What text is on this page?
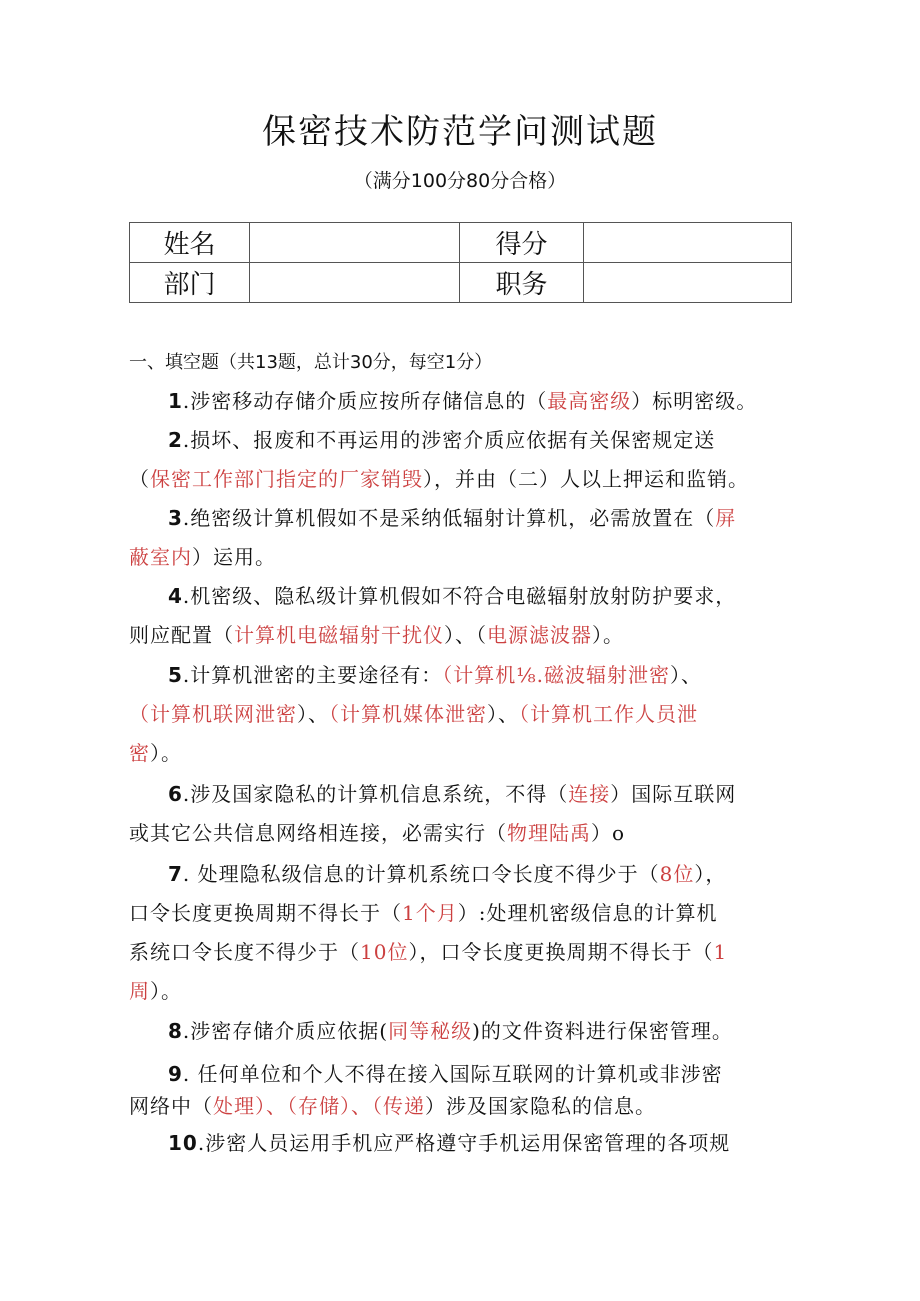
保密技术防范学问测试题
（满分100分80分合格）
姓名		得分	
部门		职务	
一、填空题（共13题，总计30分，每空1分）
1.涉密移动存储介质应按所存储信息的（最高密级）标明密级。
2.损坏、报废和不再运用的涉密介质应依据有关保密规定送
（保密工作部门指定的厂家销毁），并由（二）人以上押运和监销。
3.绝密级计算机假如不是采纳低辐射计算机，必需放置在（屏
蔽室内）运用。
4.机密级、隐私级计算机假如不符合电磁辐射放射防护要求，
则应配置（计算机电磁辐射干扰仪）、（电源滤波器）。
5.计算机泄密的主要途径有：（计算机⅛.磁波辐射泄密）、
（计算机联网泄密）、（计算机媒体泄密）、（计算机工作人员泄
密）。
6.涉及国家隐私的计算机信息系统，不得（连接）国际互联网
或其它公共信息网络相连接，必需实行（物理陆禹）o
7. 处理隐私级信息的计算机系统口令长度不得少于（8位），
口令长度更换周期不得长于（1个月）:处理机密级信息的计算机
系统口令长度不得少于（10位），口令长度更换周期不得长于（1
周）。
8.涉密存储介质应依据(同等秘级)的文件资料进行保密管理。
9. 任何单位和个人不得在接入国际互联网的计算机或非涉密
网络中（处理）、（存储）、（传递）涉及国家隐私的信息。
10.涉密人员运用手机应严格遵守手机运用保密管理的各项规
